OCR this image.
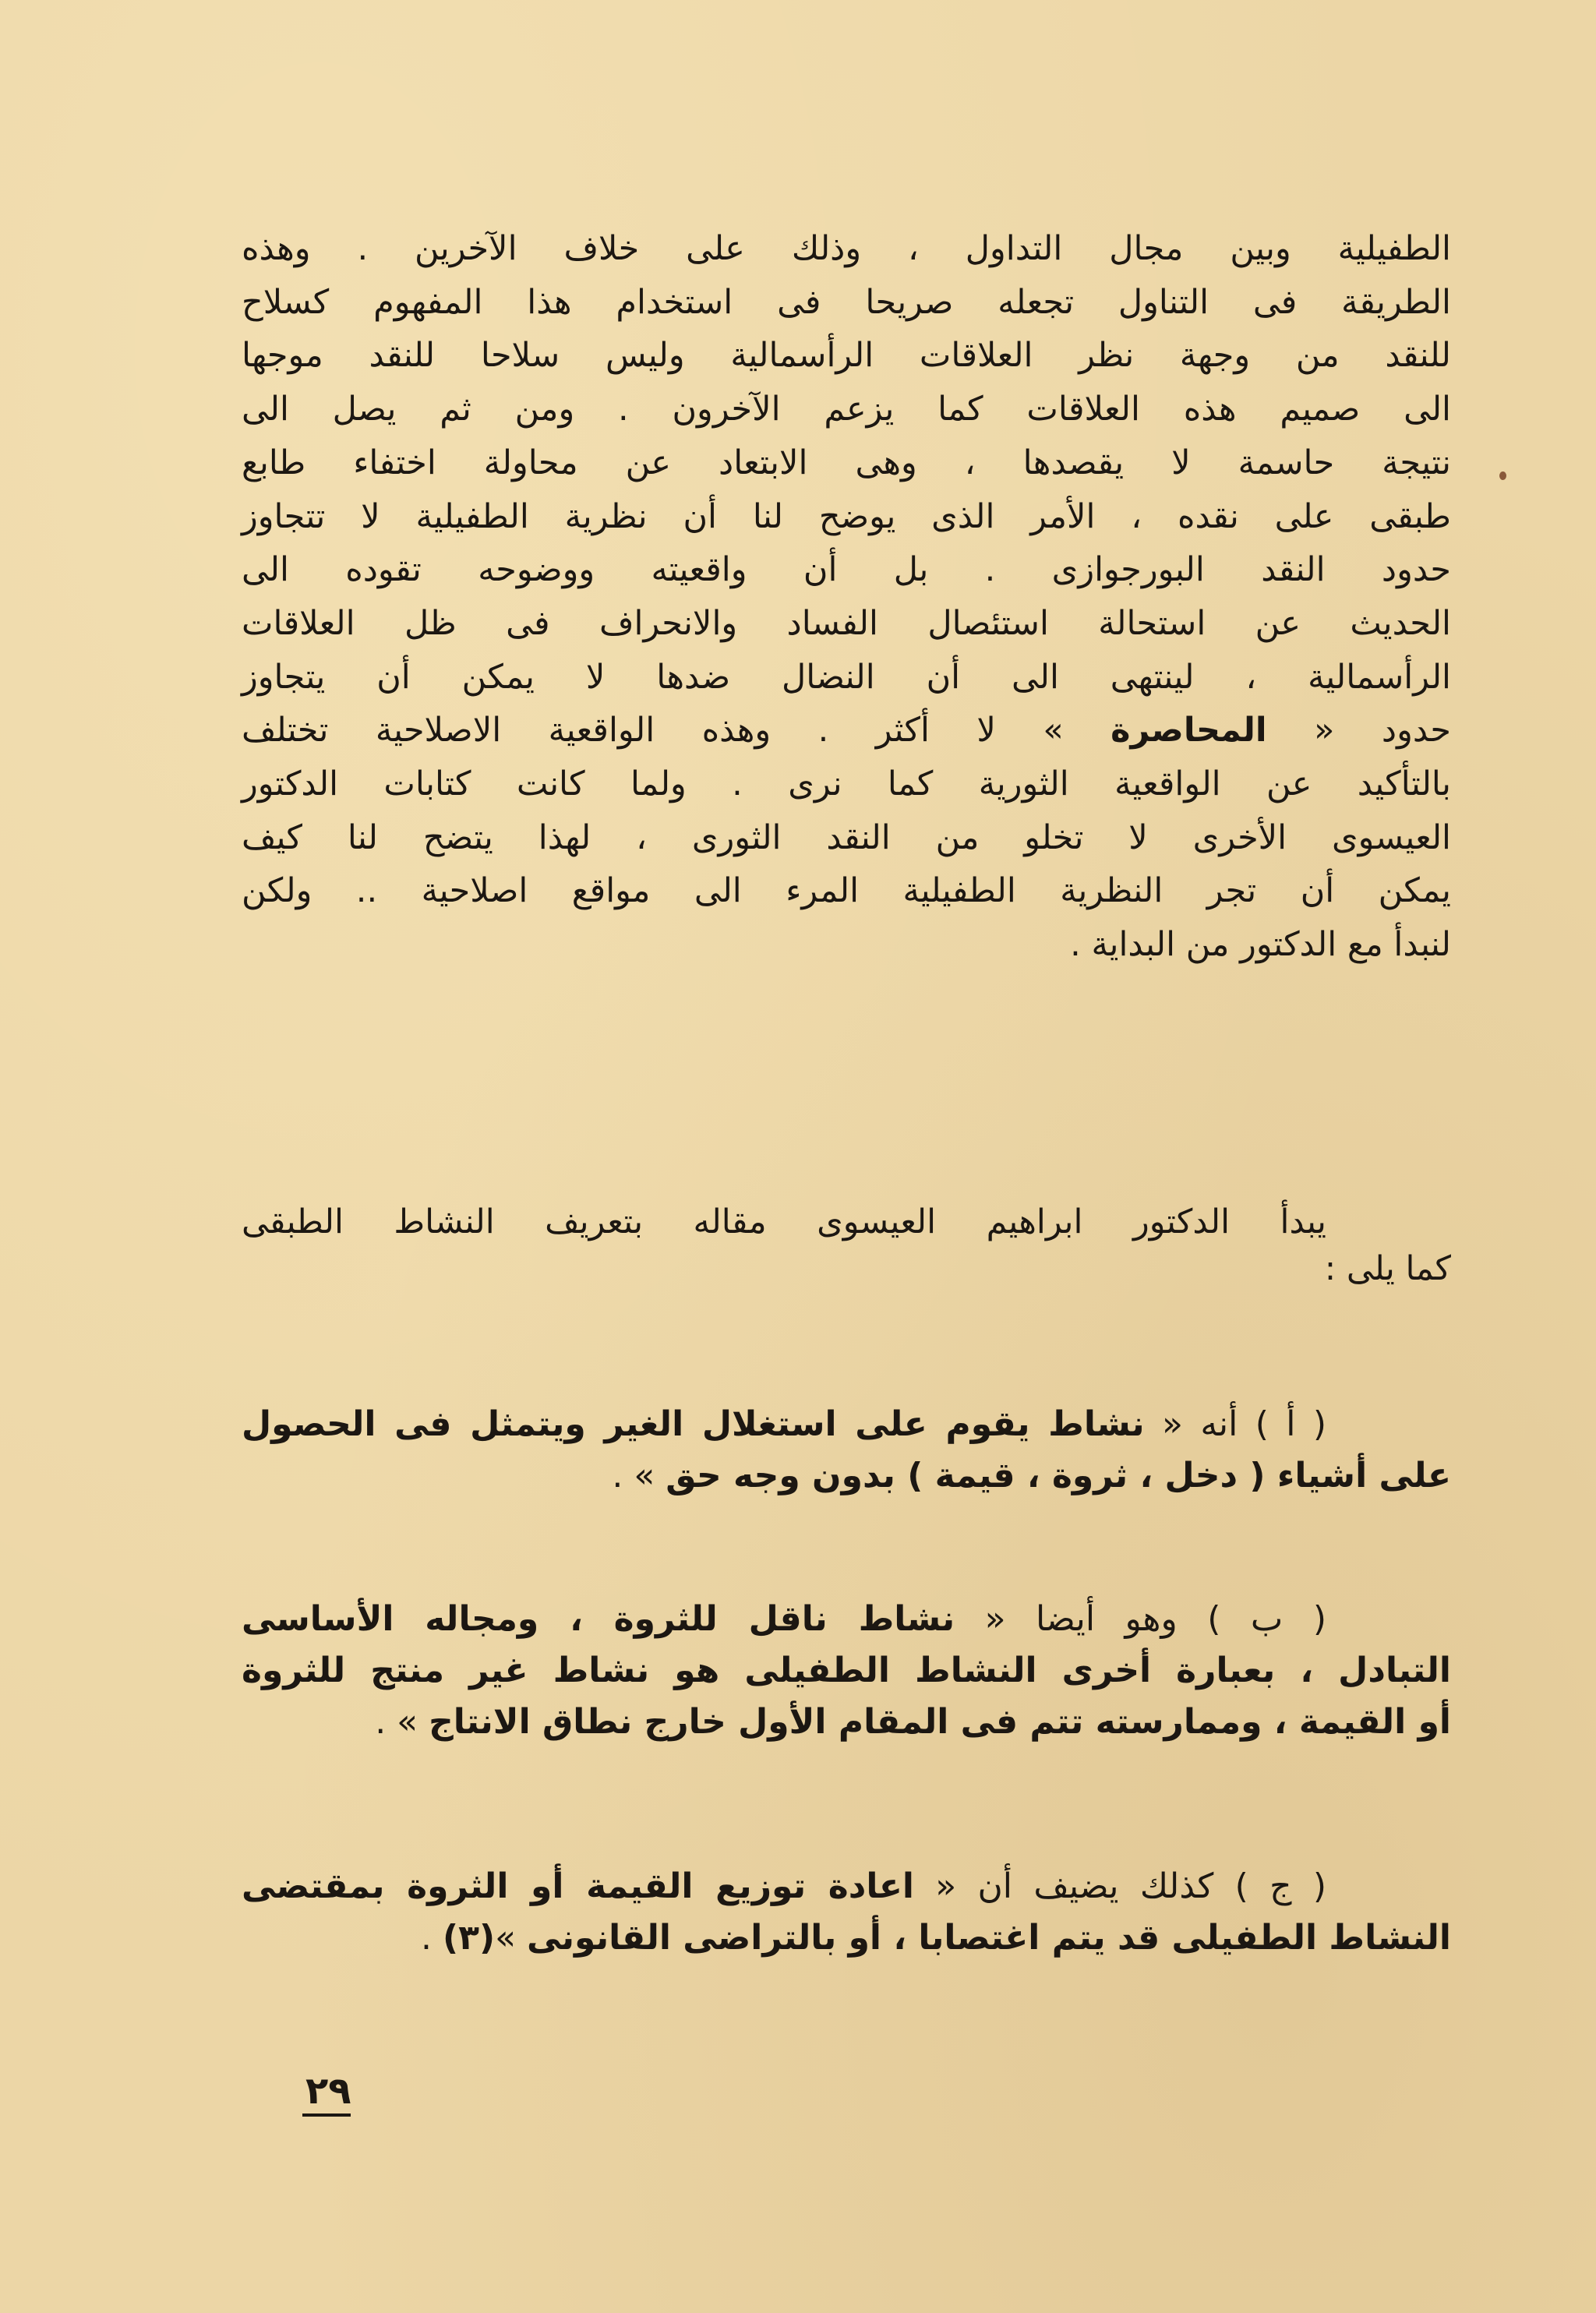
الطفيلية وبين مجال التداول ، وذلك على خلاف الآخرين . وهذه
الطريقة فى التناول تجعله صريحا فى استخدام هذا المفهوم كسلاح
للنقد من وجهة نظر العلاقات الرأسمالية وليس سلاحا للنقد موجها
الى صميم هذه العلاقات كما يزعم الآخرون . ومن ثم يصل الى
نتيجة حاسمة لا يقصدها ، وهى الابتعاد عن محاولة اختفاء طابع
طبقى على نقده ، الأمر الذى يوضح لنا أن نظرية الطفيلية لا تتجاوز
حدود النقد البورجوازى . بل أن واقعيته ووضوحه تقوده الى
الحديث عن استحالة استئصال الفساد والانحراف فى ظل العلاقات
الرأسمالية ، لينتهى الى أن النضال ضدها لا يمكن أن يتجاوز
حدود « المحاصرة » لا أكثر . وهذه الواقعية الاصلاحية تختلف
بالتأكيد عن الواقعية الثورية كما نرى . ولما كانت كتابات الدكتور
العيسوى الأخرى لا تخلو من النقد الثورى ، لهذا يتضح لنا كيف
يمكن أن تجر النظرية الطفيلية المرء الى مواقع اصلاحية .. ولكن
لنبدأ مع الدكتور من البداية .
يبدأ الدكتور ابراهيم العيسوى مقاله بتعريف النشاط الطبقى
كما يلى :
( أ ) أنه « نشاط يقوم على استغلال الغير ويتمثل فى الحصول
على أشياء ( دخل ، ثروة ، قيمة ) بدون وجه حق » .
( ب ) وهو أيضا « نشاط ناقل للثروة ، ومجاله الأساسى
التبادل ، بعبارة أخرى النشاط الطفيلى هو نشاط غير منتج للثروة
أو القيمة ، وممارسته تتم فى المقام الأول خارج نطاق الانتاج » .
( ج ) كذلك يضيف أن « اعادة توزيع القيمة أو الثروة بمقتضى
النشاط الطفيلى قد يتم اغتصابا ، أو بالتراضى القانونى »(٣) .
٢٩
